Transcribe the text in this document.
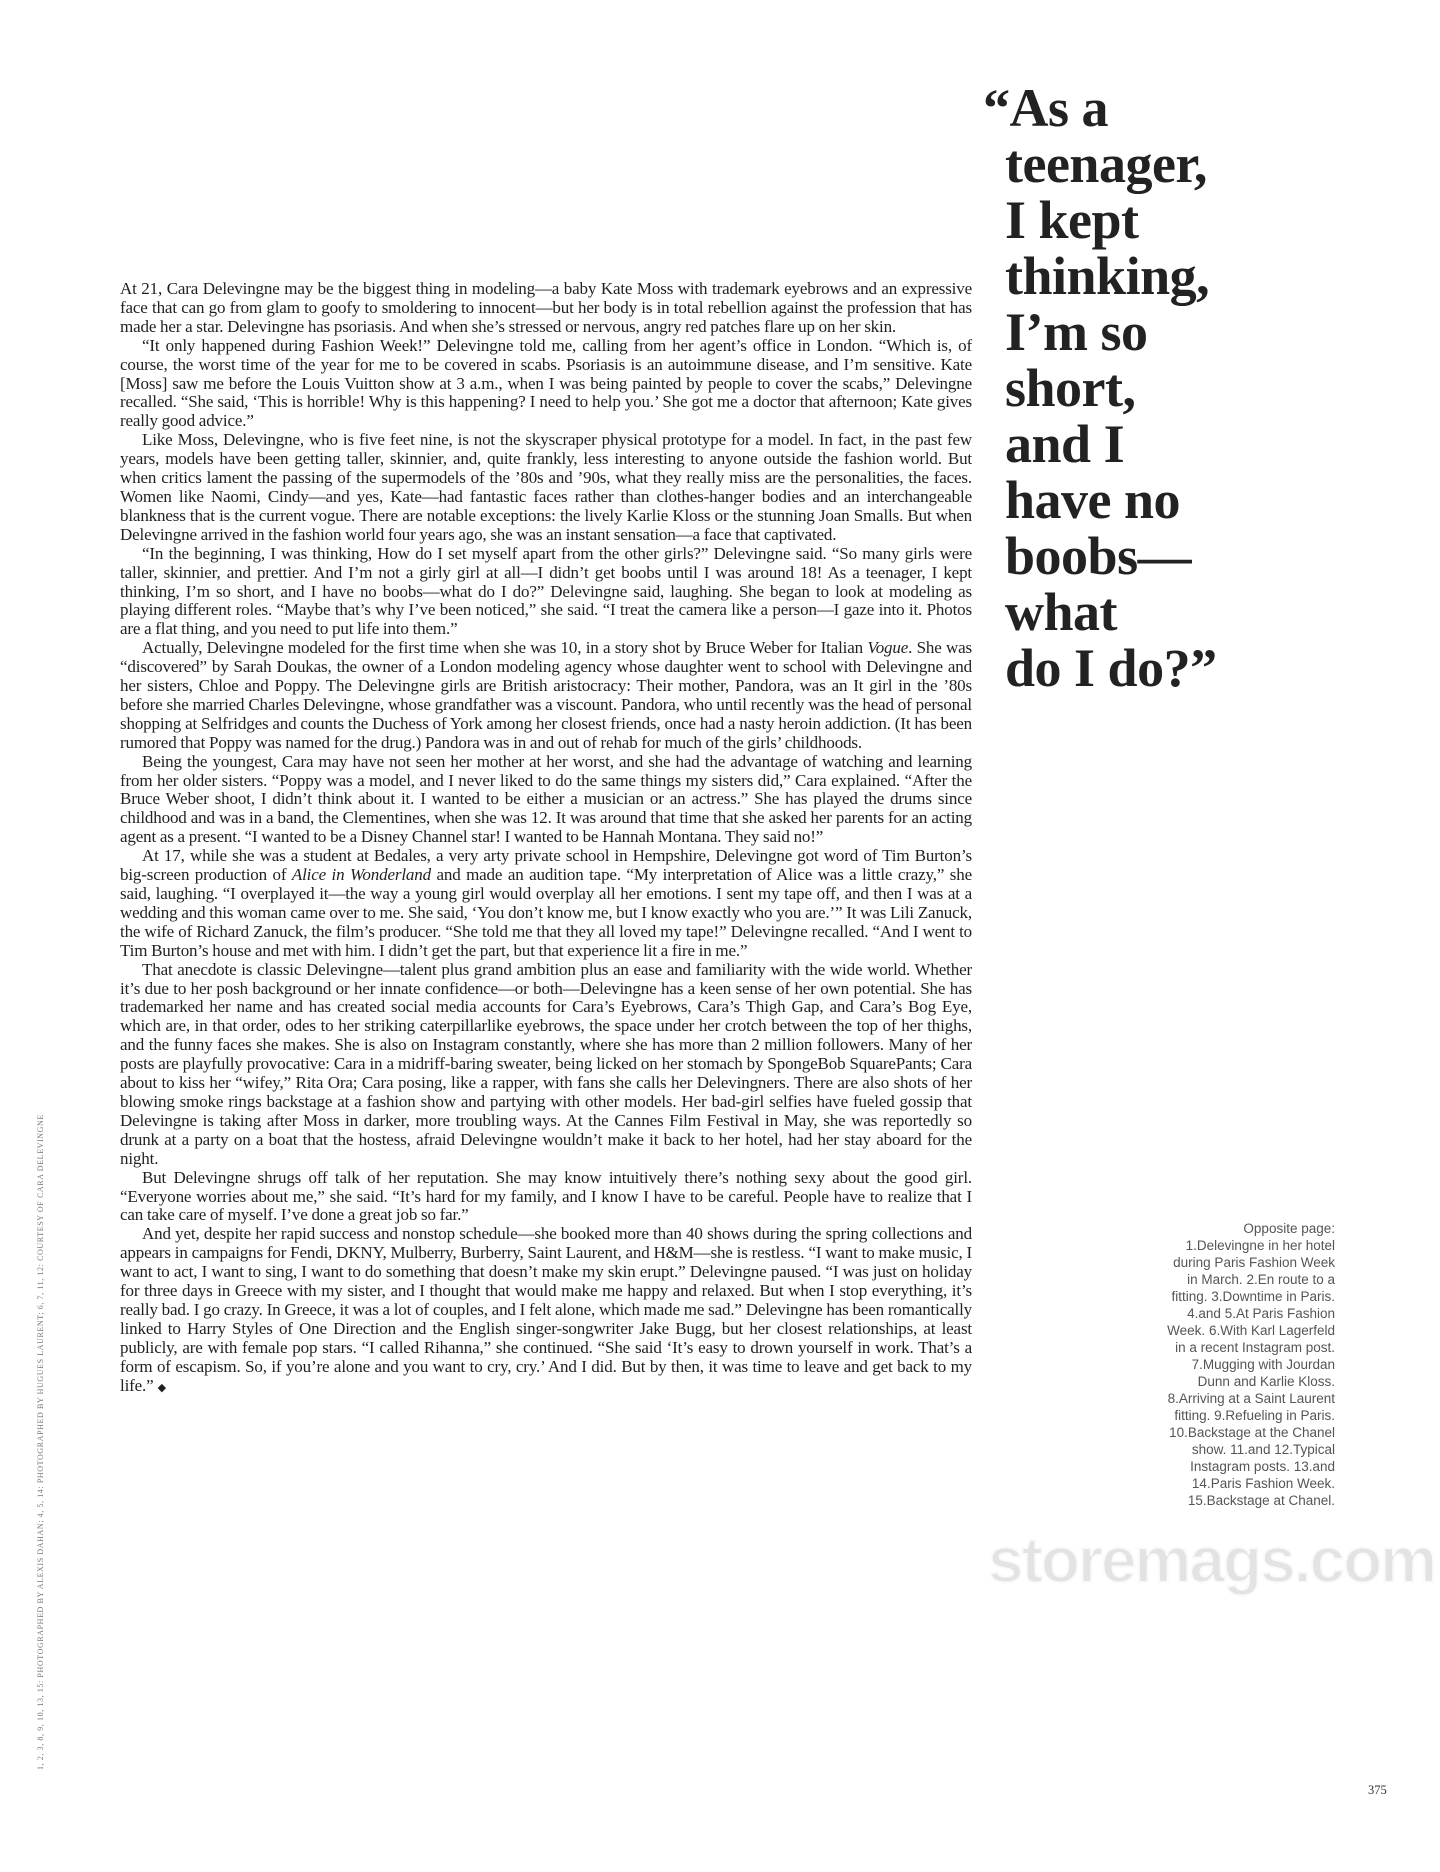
storemags.com
1, 2, 3, 8, 9, 10, 13, 15: PHOTOGRAPHED BY ALEXIS DAHAN; 4, 5, 14: PHOTOGRAPHED BY HUGUES LAURENT; 6, 7, 11, 12: COURTESY OF CARA DELEVINGNE

At 21, Cara Delevingne may be the biggest thing in modeling—a baby Kate Moss with trademark eyebrows and an expressive face that can go from glam to goofy to smoldering to innocent—but her body is in total rebellion against the profession that has made her a star. Delevingne has psoriasis. And when she’s stressed or nervous, angry red patches flare up on her skin.

“It only happened during Fashion Week!” Delevingne told me, calling from her agent’s office in London. “Which is, of course, the worst time of the year for me to be covered in scabs. Psoriasis is an autoimmune disease, and I’m sensitive. Kate [Moss] saw me before the Louis Vuitton show at 3 a.m., when I was being painted by people to cover the scabs,” Delevingne recalled. “She said, ‘This is horrible! Why is this happening? I need to help you.’ She got me a doctor that afternoon; Kate gives really good advice.”

Like Moss, Delevingne, who is five feet nine, is not the skyscraper physical prototype for a model. In fact, in the past few years, models have been getting taller, skinnier, and, quite frankly, less interesting to anyone outside the fashion world. But when critics lament the passing of the supermodels of the ’80s and ’90s, what they really miss are the personalities, the faces. Women like Naomi, Cindy—and yes, Kate—had fantastic faces rather than clothes-hanger bodies and an interchangeable blankness that is the current vogue. There are notable exceptions: the lively Karlie Kloss or the stunning Joan Smalls. But when Delevingne arrived in the fashion world four years ago, she was an instant sensation—a face that captivated.

“In the beginning, I was thinking, How do I set myself apart from the other girls?” Delevingne said. “So many girls were taller, skinnier, and prettier. And I’m not a girly girl at all—I didn’t get boobs until I was around 18! As a teenager, I kept thinking, I’m so short, and I have no boobs—what do I do?” Delevingne said, laughing. She began to look at modeling as playing different roles. “Maybe that’s why I’ve been noticed,” she said. “I treat the camera like a person—I gaze into it. Photos are a flat thing, and you need to put life into them.”

Actually, Delevingne modeled for the first time when she was 10, in a story shot by Bruce Weber for Italian Vogue. She was “discovered” by Sarah Doukas, the owner of a London modeling agency whose daughter went to school with Delevingne and her sisters, Chloe and Poppy. The Delevingne girls are British aristocracy: Their mother, Pandora, was an It girl in the ’80s before she married Charles Delevingne, whose grandfather was a viscount. Pandora, who until recently was the head of personal shopping at Selfridges and counts the Duchess of York among her closest friends, once had a nasty heroin addiction. (It has been rumored that Poppy was named for the drug.) Pandora was in and out of rehab for much of the girls’ childhoods.

Being the youngest, Cara may have not seen her mother at her worst, and she had the advantage of watching and learning from her older sisters. “Poppy was a model, and I never liked to do the same things my sisters did,” Cara explained. “After the Bruce Weber shoot, I didn’t think about it. I wanted to be either a musician or an actress.” She has played the drums since childhood and was in a band, the Clementines, when she was 12. It was around that time that she asked her parents for an acting agent as a present. “I wanted to be a Disney Channel star! I wanted to be Hannah Montana. They said no!”

At 17, while she was a student at Bedales, a very arty private school in Hempshire, Delevingne got word of Tim Burton’s big-screen production of Alice in Wonderland and made an audition tape. “My interpretation of Alice was a little crazy,” she said, laughing. “I overplayed it—the way a young girl would overplay all her emotions. I sent my tape off, and then I was at a wedding and this woman came over to me. She said, ‘You don’t know me, but I know exactly who you are.’” It was Lili Zanuck, the wife of Richard Zanuck, the film’s producer. “She told me that they all loved my tape!” Delevingne recalled. “And I went to Tim Burton’s house and met with him. I didn’t get the part, but that experience lit a fire in me.”

That anecdote is classic Delevingne—talent plus grand ambition plus an ease and familiarity with the wide world. Whether it’s due to her posh background or her innate confidence—or both—Delevingne has a keen sense of her own potential. She has trademarked her name and has created social media accounts for Cara’s Eyebrows, Cara’s Thigh Gap, and Cara’s Bog Eye, which are, in that order, odes to her striking caterpillarlike eyebrows, the space under her crotch between the top of her thighs, and the funny faces she makes. She is also on Instagram constantly, where she has more than 2 million followers. Many of her posts are playfully provocative: Cara in a midriff-baring sweater, being licked on her stomach by SpongeBob SquarePants; Cara about to kiss her “wifey,” Rita Ora; Cara posing, like a rapper, with fans she calls her Delevingners. There are also shots of her blowing smoke rings backstage at a fashion show and partying with other models. Her bad-girl selfies have fueled gossip that Delevingne is taking after Moss in darker, more troubling ways. At the Cannes Film Festival in May, she was reportedly so drunk at a party on a boat that the hostess, afraid Delevingne wouldn’t make it back to her hotel, had her stay aboard for the night.

But Delevingne shrugs off talk of her reputation. She may know intuitively there’s nothing sexy about the good girl. “Everyone worries about me,” she said. “It’s hard for my family, and I know I have to be careful. People have to realize that I can take care of myself. I’ve done a great job so far.”

And yet, despite her rapid success and nonstop schedule—she booked more than 40 shows during the spring collections and appears in campaigns for Fendi, DKNY, Mulberry, Burberry, Saint Laurent, and H&M—she is restless. “I want to make music, I want to act, I want to sing, I want to do something that doesn’t make my skin erupt.” Delevingne paused. “I was just on holiday for three days in Greece with my sister, and I thought that would make me happy and relaxed. But when I stop everything, it’s really bad. I go crazy. In Greece, it was a lot of couples, and I felt alone, which made me sad.” Delevingne has been romantically linked to Harry Styles of One Direction and the English singer-songwriter Jake Bugg, but her closest relationships, at least publicly, are with female pop stars. “I called Rihanna,” she continued. “She said ‘It’s easy to drown yourself in work. That’s a form of escapism. So, if you’re alone and you want to cry, cry.’ And I did. But by then, it was time to leave and get back to my life.” ◆

“As a
teenager,
I kept
thinking,
I’m so
short,
and I
have no
boobs—
what
do I do?”
Opposite page:
1.Delevingne in her hotel
during Paris Fashion Week
in March. 2.En route to a
fitting. 3.Downtime in Paris.
4.and 5.At Paris Fashion
Week. 6.With Karl Lagerfeld
in a recent Instagram post.
7.Mugging with Jourdan
Dunn and Karlie Kloss.
8.Arriving at a Saint Laurent
fitting. 9.Refueling in Paris.
10.Backstage at the Chanel
show. 11.and 12.Typical
Instagram posts. 13.and
14.Paris Fashion Week.
15.Backstage at Chanel.
375
